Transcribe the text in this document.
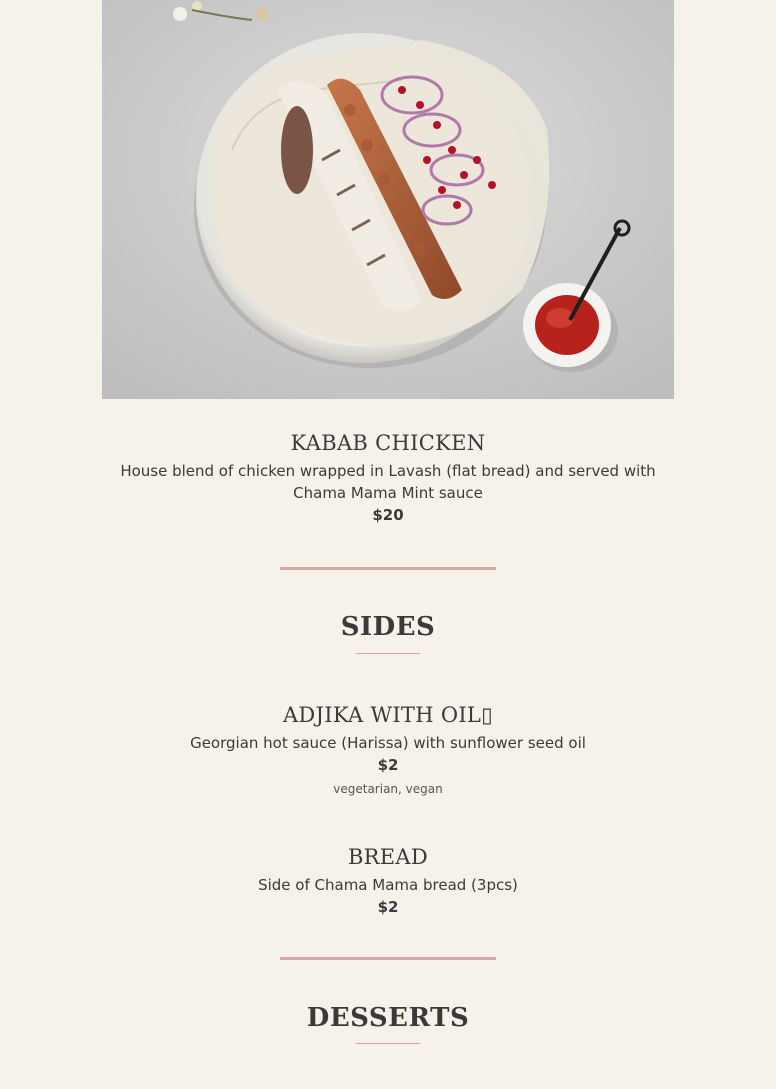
KABAB CHICKEN

House blend of chicken wrapped in Lavash (flat bread) and served with Chama Mama Mint sauce

$20

SIDES

ADJIKA WITH OIL▯

Georgian hot sauce (Harissa) with sunflower seed oil

$2

vegetarian, vegan

BREAD

Side of Chama Mama bread (3pcs)

$2

DESSERTS
